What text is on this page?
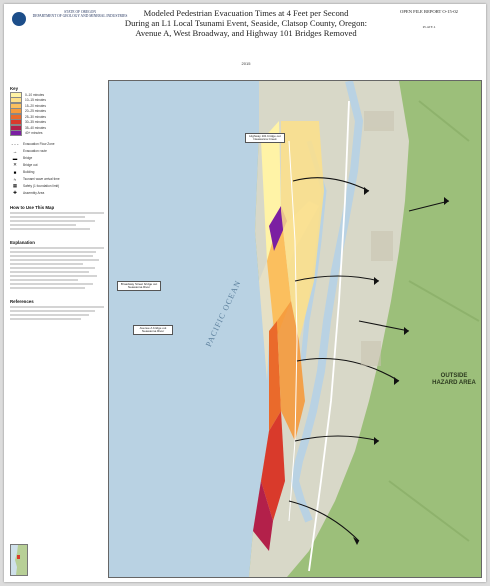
STATE OF OREGON
DEPARTMENT OF GEOLOGY AND MINERAL INDUSTRIES	Modeled Pedestrian Evacuation Times at 4 Feet per Second
During an L1 Local Tsunami Event, Seaside, Clatsop County, Oregon:
Avenue A, West Broadway, and Highway 101 Bridges Removed
2015
OPEN FILE REPORT O-15-02
PLATE 4
Key
0–10 minutes
10–15 minutes
15–20 minutes
20–25 minutes
25–30 minutes
30–35 minutes
35–40 minutes
40+ minutes
- - -	Evacuation Flow Zone
→	Evacuation route
▬	Bridge
✕	Bridge out
■	Building
≈	Tsunami wave arrival time
▦	Safety (1 foundation limit)
✚	Assembly Area
How to Use This Map
Explanation
References
Highway 101 bridge out Neawanna Creek
Broadway Street bridge out Neawanna River
Avenue A bridge out Neawanna River	PACIFIC OCEAN
OUTSIDE HAZARD AREA
